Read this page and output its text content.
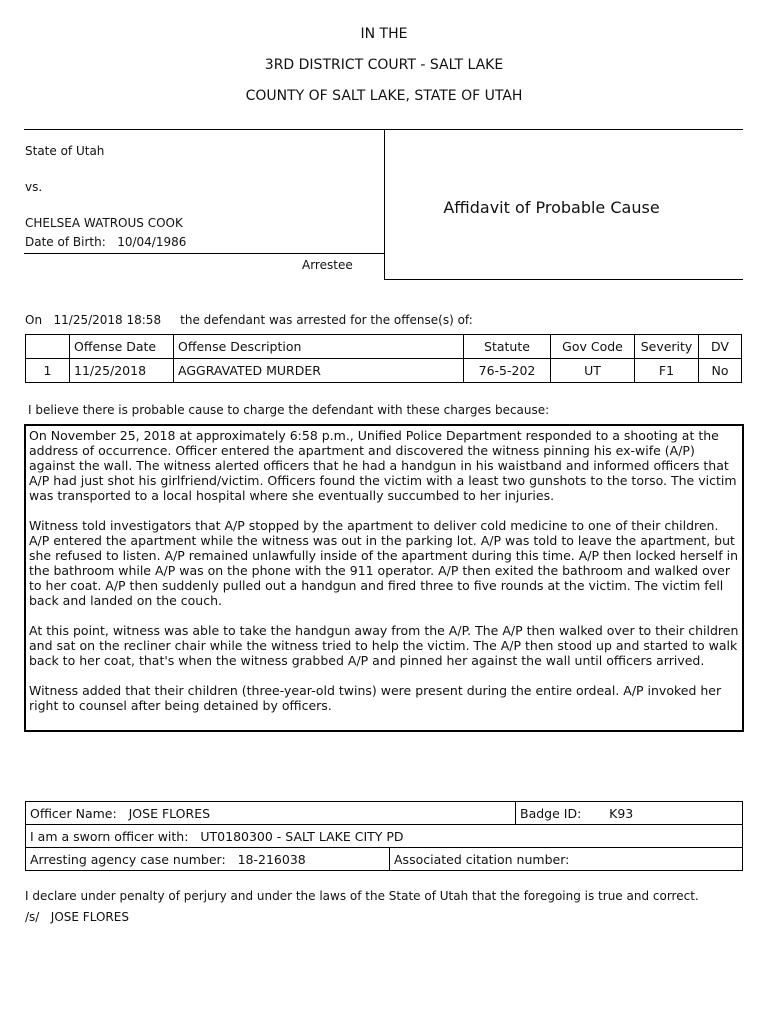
IN THE
3RD DISTRICT COURT - SALT LAKE
COUNTY OF SALT LAKE, STATE OF UTAH
State of Utah
vs.
CHELSEA WATROUS COOK
Date of Birth: 10/04/1986
Arrestee
Affidavit of Probable Cause
On 11/25/2018 18:58 the defendant was arrested for the offense(s) of:
	Offense Date	Offense Description	Statute	Gov Code	Severity	DV
1	11/25/2018	AGGRAVATED MURDER	76-5-202	UT	F1	No
I believe there is probable cause to charge the defendant with these charges because:

On November 25, 2018 at approximately 6:58 p.m., Unified Police Department responded to a shooting at the address of occurrence. Officer entered the apartment and discovered the witness pinning his ex-wife (A/P) against the wall. The witness alerted officers that he had a handgun in his waistband and informed officers that A/P had just shot his girlfriend/victim. Officers found the victim with a least two gunshots to the torso. The victim was transported to a local hospital where she eventually succumbed to her injuries.

Witness told investigators that A/P stopped by the apartment to deliver cold medicine to one of their children. A/P entered the apartment while the witness was out in the parking lot. A/P was told to leave the apartment, but she refused to listen. A/P remained unlawfully inside of the apartment during this time. A/P then locked herself in the bathroom while A/P was on the phone with the 911 operator. A/P then exited the bathroom and walked over to her coat. A/P then suddenly pulled out a handgun and fired three to five rounds at the victim. The victim fell back and landed on the couch.

At this point, witness was able to take the handgun away from the A/P. The A/P then walked over to their children and sat on the recliner chair while the witness tried to help the victim. The A/P then stood up and started to walk back to her coat, that's when the witness grabbed A/P and pinned her against the wall until officers arrived.

Witness added that their children (three-year-old twins) were present during the entire ordeal. A/P invoked her right to counsel after being detained by officers.

Officer Name: JOSE FLORES		Badge ID: K93
I am a sworn officer with: UT0180300 - SALT LAKE CITY PD		
Arresting agency case number: 18-216038	Associated citation number:	
I declare under penalty of perjury and under the laws of the State of Utah that the foregoing is true and correct.
/s/ JOSE FLORES
